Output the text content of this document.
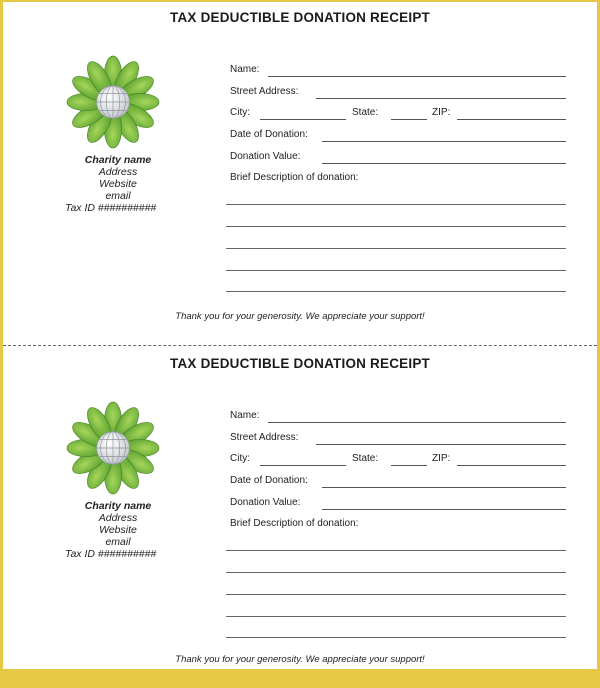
TAX DEDUCTIBLE DONATION RECEIPT
Charity name
Address
Website
email
Tax ID ##########
Name:
Street Address:
City:	State:	ZIP:
Date of Donation:
Donation Value:
Brief Description of donation:
Thank you for your generosity. We appreciate your support!
TAX DEDUCTIBLE DONATION RECEIPT
Charity name
Address
Website
email
Tax ID ##########
Name:
Street Address:
City:	State:	ZIP:
Date of Donation:
Donation Value:
Brief Description of donation:
Thank you for your generosity. We appreciate your support!
